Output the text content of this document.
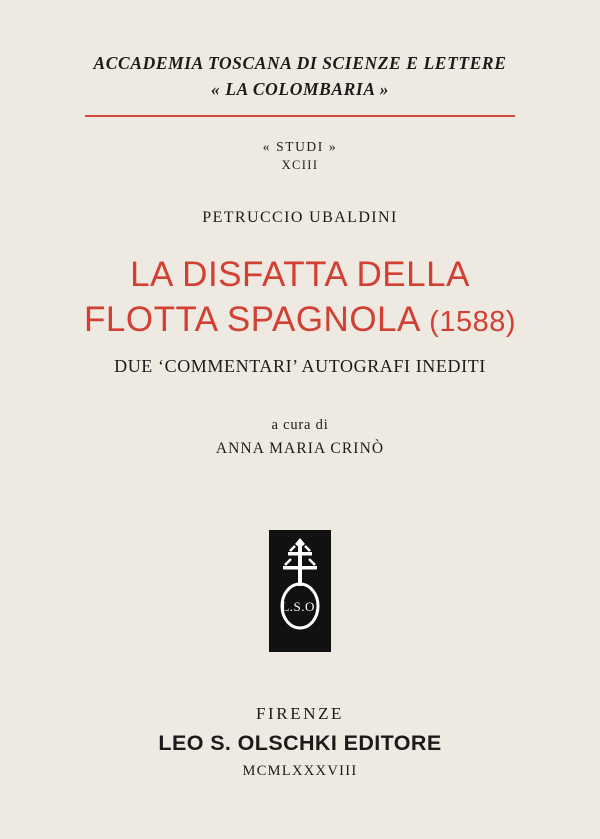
ACCADEMIA TOSCANA DI SCIENZE E LETTERE
« LA COLOMBARIA »
« STUDI »
XCIII
PETRUCCIO UBALDINI
LA DISFATTA DELLA
FLOTTA SPAGNOLA (1588)
DUE ‘COMMENTARI’ AUTOGRAFI INEDITI
a cura di
ANNA MARIA CRINÒ
L.S.O.
FIRENZE
LEO S. OLSCHKI EDITORE
MCMLXXXVIII
